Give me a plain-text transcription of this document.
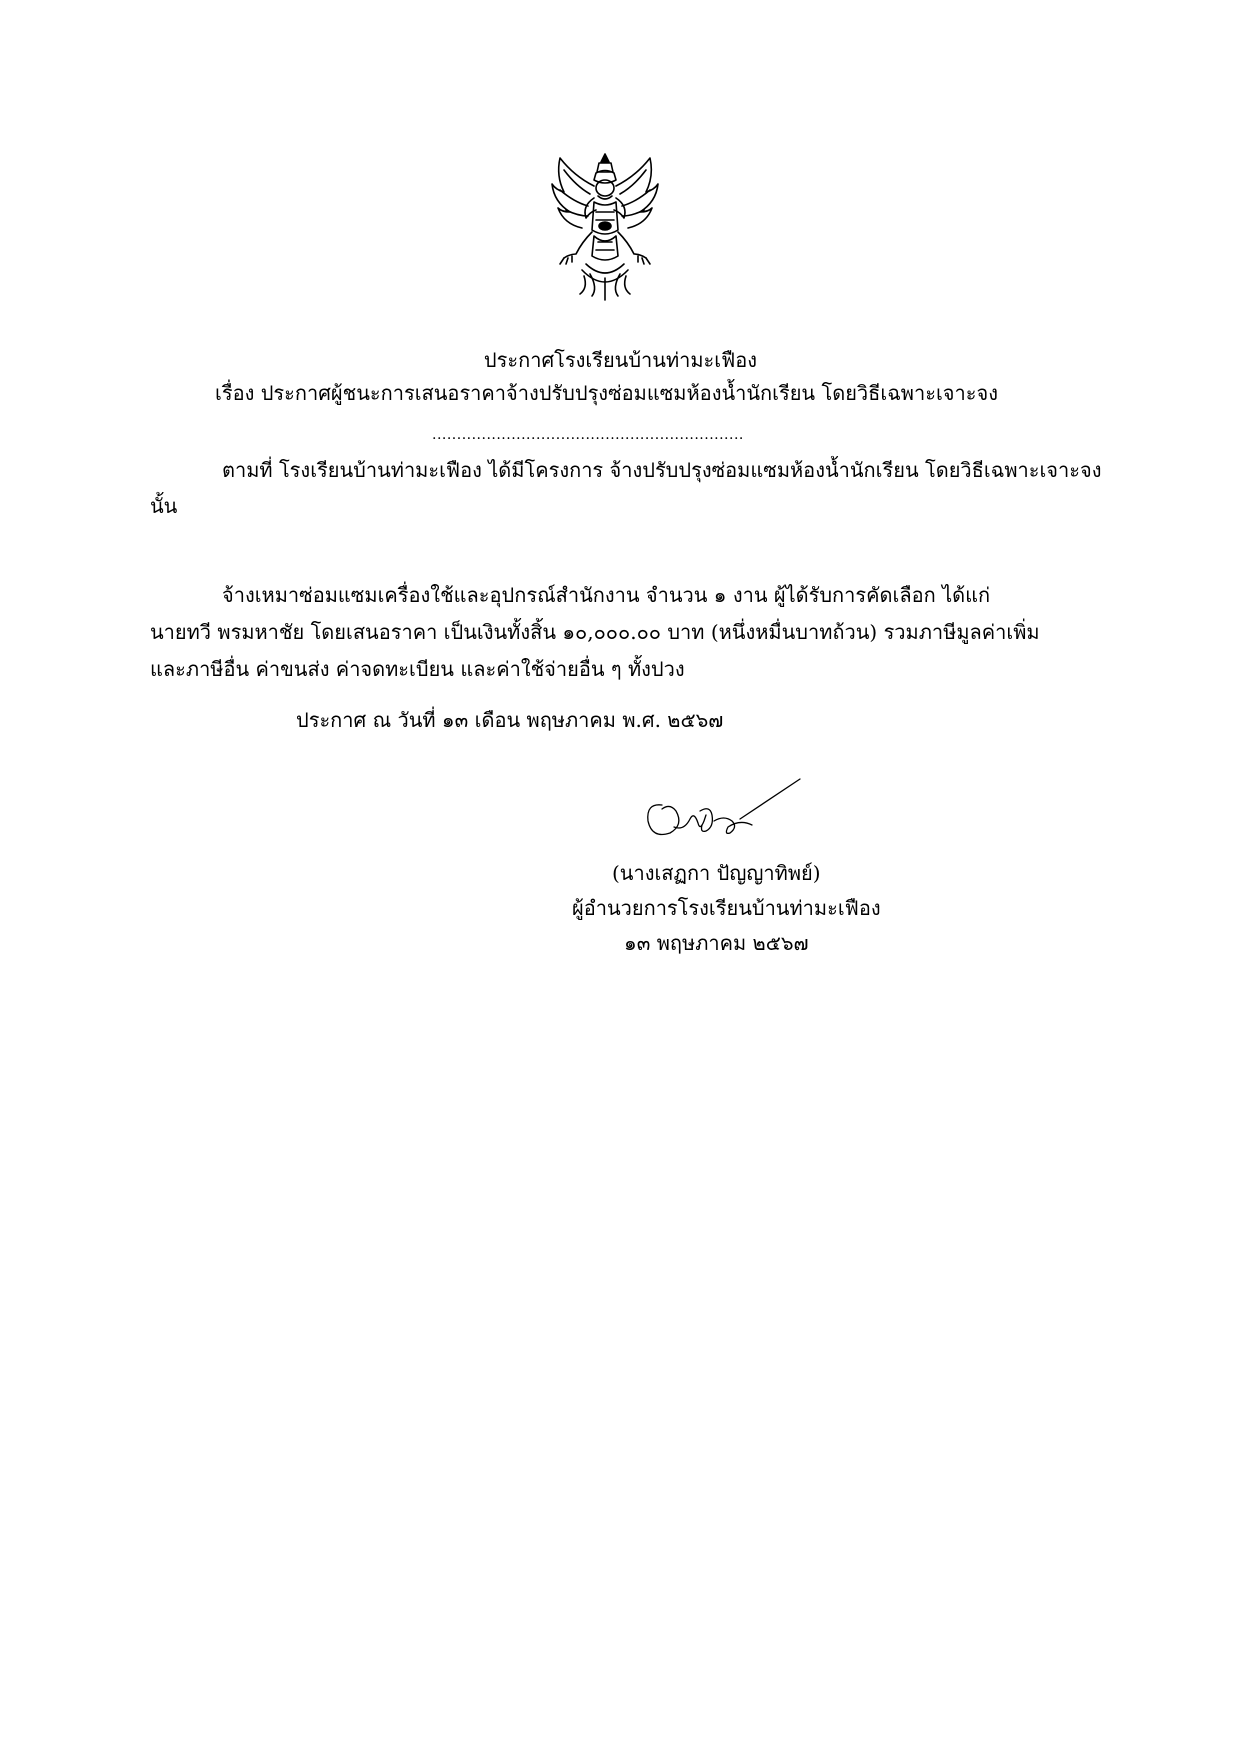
ประกาศโรงเรียนบ้านท่ามะเฟือง
เรื่อง ประกาศผู้ชนะการเสนอราคาจ้างปรับปรุงซ่อมแซมห้องน้ำนักเรียน โดยวิธีเฉพาะเจาะจง
...............................................................
ตามที่ โรงเรียนบ้านท่ามะเฟือง ได้มีโครงการ จ้างปรับปรุงซ่อมแซมห้องน้ำนักเรียน โดยวิธีเฉพาะเจาะจง
นั้น
จ้างเหมาซ่อมแซมเครื่องใช้และอุปกรณ์สำนักงาน จำนวน ๑ งาน ผู้ได้รับการคัดเลือก ได้แก่
นายทวี พรมหาชัย โดยเสนอราคา เป็นเงินทั้งสิ้น ๑๐,๐๐๐.๐๐ บาท (หนึ่งหมื่นบาทถ้วน) รวมภาษีมูลค่าเพิ่ม
และภาษีอื่น ค่าขนส่ง ค่าจดทะเบียน และค่าใช้จ่ายอื่น ๆ ทั้งปวง
ประกาศ ณ วันที่ ๑๓ เดือน พฤษภาคม พ.ศ. ๒๕๖๗
(นางเสฏกา ปัญญาทิพย์)
ผู้อำนวยการโรงเรียนบ้านท่ามะเฟือง
๑๓ พฤษภาคม ๒๕๖๗
